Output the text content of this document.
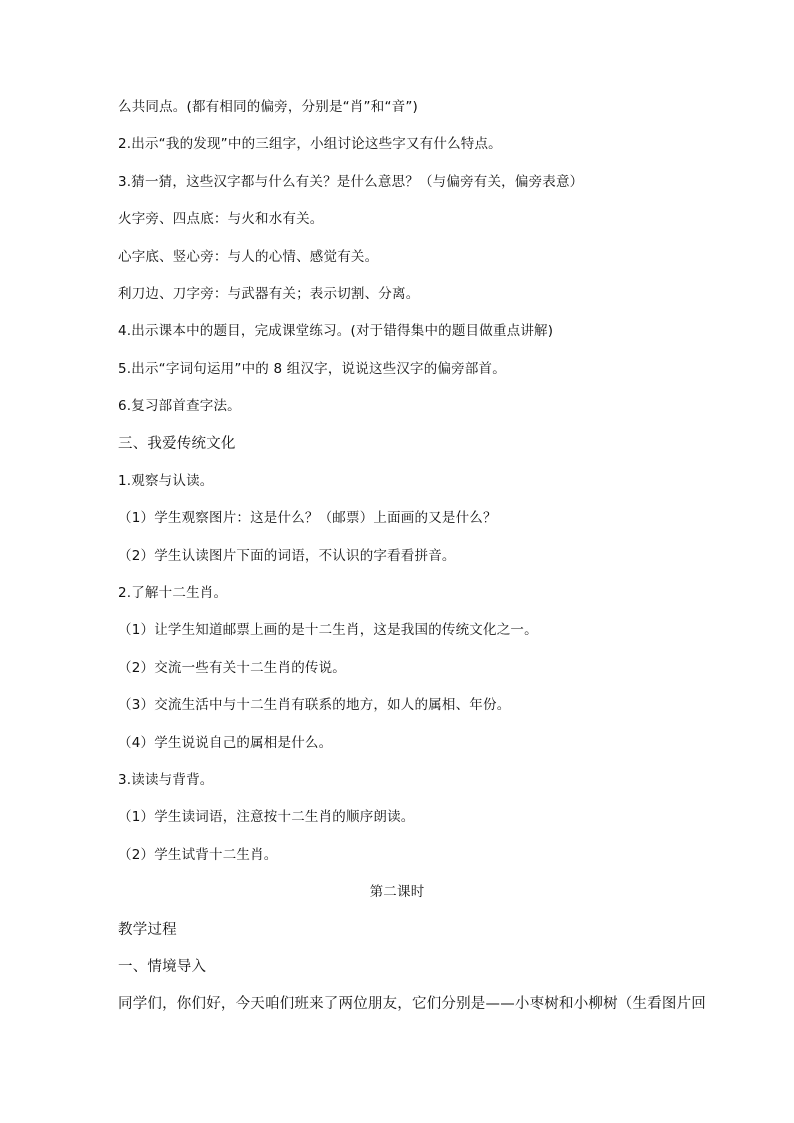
么共同点。(都有相同的偏旁，分别是“肖”和“音”)
2.出示“我的发现”中的三组字，小组讨论这些字又有什么特点。
3.猜一猜，这些汉字都与什么有关？是什么意思？（与偏旁有关，偏旁表意）
火字旁、四点底：与火和水有关。
心字底、竖心旁：与人的心情、感觉有关。
利刀边、刀字旁：与武器有关；表示切割、分离。
4.出示课本中的题目，完成课堂练习。(对于错得集中的题目做重点讲解)
5.出示“字词句运用”中的 8 组汉字，说说这些汉字的偏旁部首。
6.复习部首查字法。
三、我爱传统文化
1.观察与认读。
（1）学生观察图片：这是什么？（邮票）上面画的又是什么？
（2）学生认读图片下面的词语，不认识的字看看拼音。
2.了解十二生肖。
（1）让学生知道邮票上画的是十二生肖，这是我国的传统文化之一。
（2）交流一些有关十二生肖的传说。
（3）交流生活中与十二生肖有联系的地方，如人的属相、年份。
（4）学生说说自己的属相是什么。
3.读读与背背。
（1）学生读词语，注意按十二生肖的顺序朗读。
（2）学生试背十二生肖。
第二课时
教学过程
一、情境导入
同学们，你们好，今天咱们班来了两位朋友，它们分别是——小枣树和小柳树（生看图片回
